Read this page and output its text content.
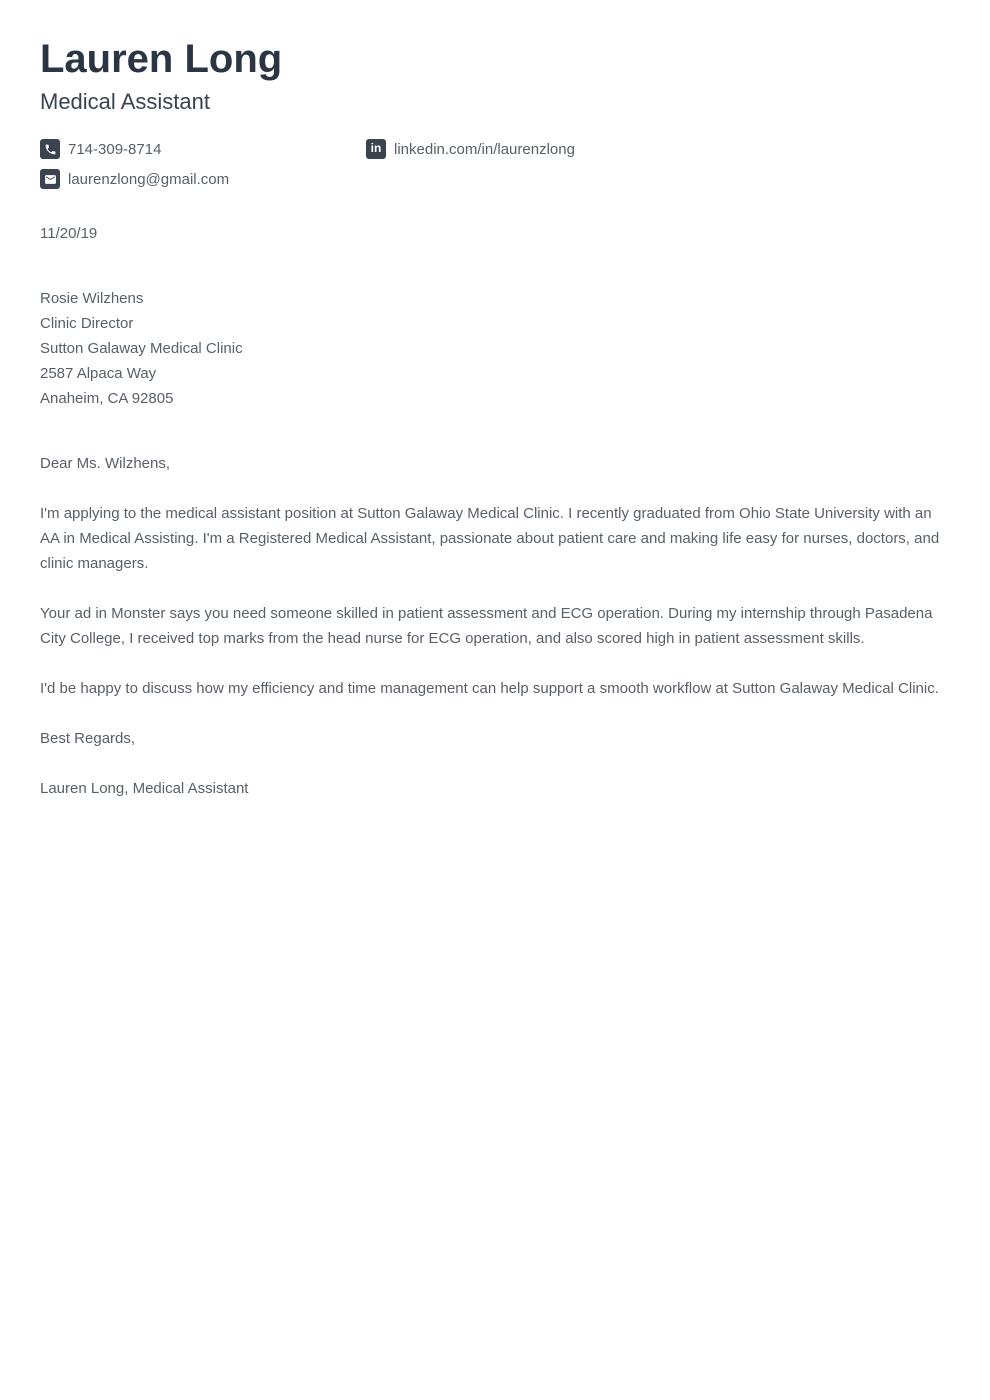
Lauren Long
Medical Assistant
714-309-8714	in linkedin.com/in/laurenzlong
laurenzlong@gmail.com
11/20/19
Rosie Wilzhens
Clinic Director
Sutton Galaway Medical Clinic
2587 Alpaca Way
Anaheim, CA 92805

Dear Ms. Wilzhens,

I'm applying to the medical assistant position at Sutton Galaway Medical Clinic. I recently graduated from Ohio State University with an AA in Medical Assisting. I'm a Registered Medical Assistant, passionate about patient care and making life easy for nurses, doctors, and clinic managers.

Your ad in Monster says you need someone skilled in patient assessment and ECG operation. During my internship through Pasadena City College, I received top marks from the head nurse for ECG operation, and also scored high in patient assessment skills.

I'd be happy to discuss how my efficiency and time management can help support a smooth workflow at Sutton Galaway Medical Clinic.

Best Regards,

Lauren Long, Medical Assistant
